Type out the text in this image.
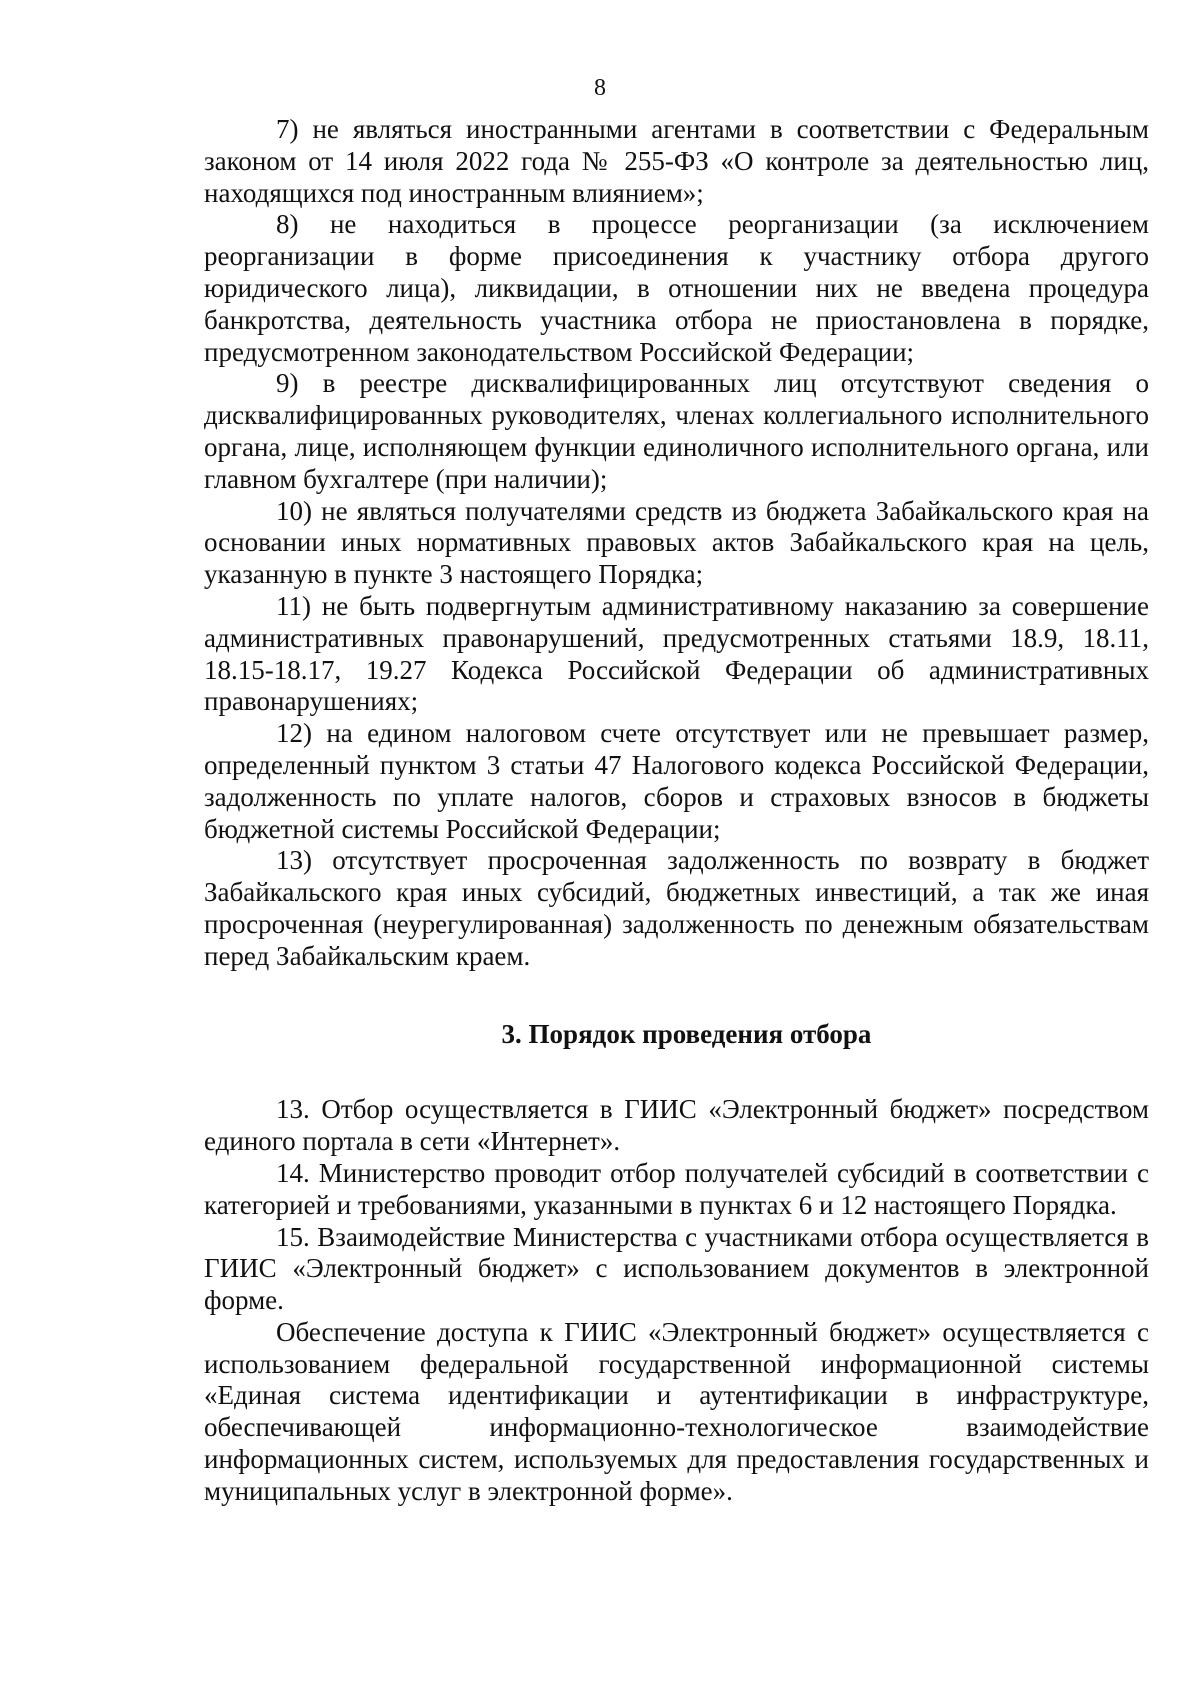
8

7) не являться иностранными агентами в соответствии с Федеральным законом от 14 июля 2022 года № 255-ФЗ «О контроле за деятельностью лиц, находящихся под иностранным влиянием»;

8) не находиться в процессе реорганизации (за исключением реорганизации в форме присоединения к участнику отбора другого юридического лица), ликвидации, в отношении них не введена процедура банкротства, деятельность участника отбора не приостановлена в порядке, предусмотренном законодательством Российской Федерации;

9) в реестре дисквалифицированных лиц отсутствуют сведения о дисквалифицированных руководителях, членах коллегиального исполнительного органа, лице, исполняющем функции единоличного исполнительного органа, или главном бухгалтере (при наличии);

10) не являться получателями средств из бюджета Забайкальского края на основании иных нормативных правовых актов Забайкальского края на цель, указанную в пункте 3 настоящего Порядка;

11) не быть подвергнутым административному наказанию за совершение административных правонарушений, предусмотренных статьями 18.9, 18.11, 18.15-18.17, 19.27 Кодекса Российской Федерации об административных правонарушениях;

12) на едином налоговом счете отсутствует или не превышает размер, определенный пунктом 3 статьи 47 Налогового кодекса Российской Федерации, задолженность по уплате налогов, сборов и страховых взносов в бюджеты бюджетной системы Российской Федерации;

13) отсутствует просроченная задолженность по возврату в бюджет Забайкальского края иных субсидий, бюджетных инвестиций, а так же иная просроченная (неурегулированная) задолженность по денежным обязательствам перед Забайкальским краем.

3. Порядок проведения отбора

13. Отбор осуществляется в ГИИС «Электронный бюджет» посредством единого портала в сети «Интернет».

14. Министерство проводит отбор получателей субсидий в соответствии с категорией и требованиями, указанными в пунктах 6 и 12 настоящего Порядка.

15. Взаимодействие Министерства с участниками отбора осуществляется в ГИИС «Электронный бюджет» с использованием документов в электронной форме.

Обеспечение доступа к ГИИС «Электронный бюджет» осуществляется с использованием федеральной государственной информационной системы «Единая система идентификации и аутентификации в инфраструктуре, обеспечивающей информационно-технологическое взаимодействие информационных систем, используемых для предоставления государственных и муниципальных услуг в электронной форме».
